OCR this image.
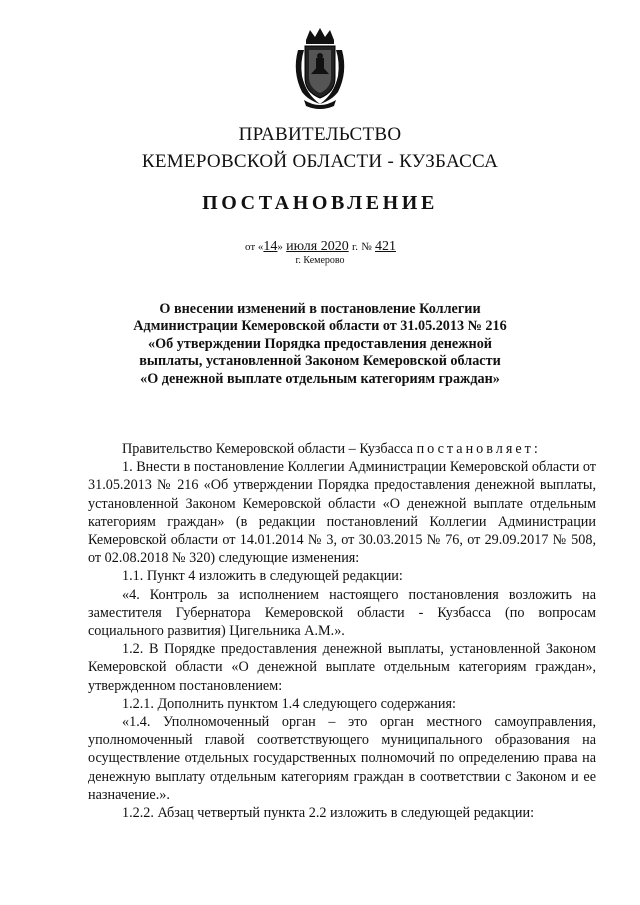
ПРАВИТЕЛЬСТВО
КЕМЕРОВСКОЙ ОБЛАСТИ - КУЗБАССА
ПОСТАНОВЛЕНИЕ
от «14» июля 2020 г. № 421
г. Кемерово
О внесении изменений в постановление Коллегии Администрации Кемеровской области от 31.05.2013 № 216 «Об утверждении Порядка предоставления денежной выплаты, установленной Законом Кемеровской области «О денежной выплате отдельным категориям граждан»

Правительство Кемеровской области – Кузбасса постановляет:

1. Внести в постановление Коллегии Администрации Кемеровской области от 31.05.2013 № 216 «Об утверждении Порядка предоставления денежной выплаты, установленной Законом Кемеровской области «О денежной выплате отдельным категориям граждан» (в редакции постановлений Коллегии Администрации Кемеровской области от 14.01.2014 № 3, от 30.03.2015 № 76, от 29.09.2017 № 508, от 02.08.2018 № 320) следующие изменения:

1.1. Пункт 4 изложить в следующей редакции:

«4. Контроль за исполнением настоящего постановления возложить на заместителя Губернатора Кемеровской области - Кузбасса (по вопросам социального развития) Цигельника А.М.».

1.2. В Порядке предоставления денежной выплаты, установленной Законом Кемеровской области «О денежной выплате отдельным категориям граждан», утвержденном постановлением:

1.2.1. Дополнить пунктом 1.4 следующего содержания:

«1.4. Уполномоченный орган – это орган местного самоуправления, уполномоченный главой соответствующего муниципального образования на осуществление отдельных государственных полномочий по определению права на денежную выплату отдельным категориям граждан в соответствии с Законом и ее назначение.».

1.2.2. Абзац четвертый пункта 2.2 изложить в следующей редакции:
